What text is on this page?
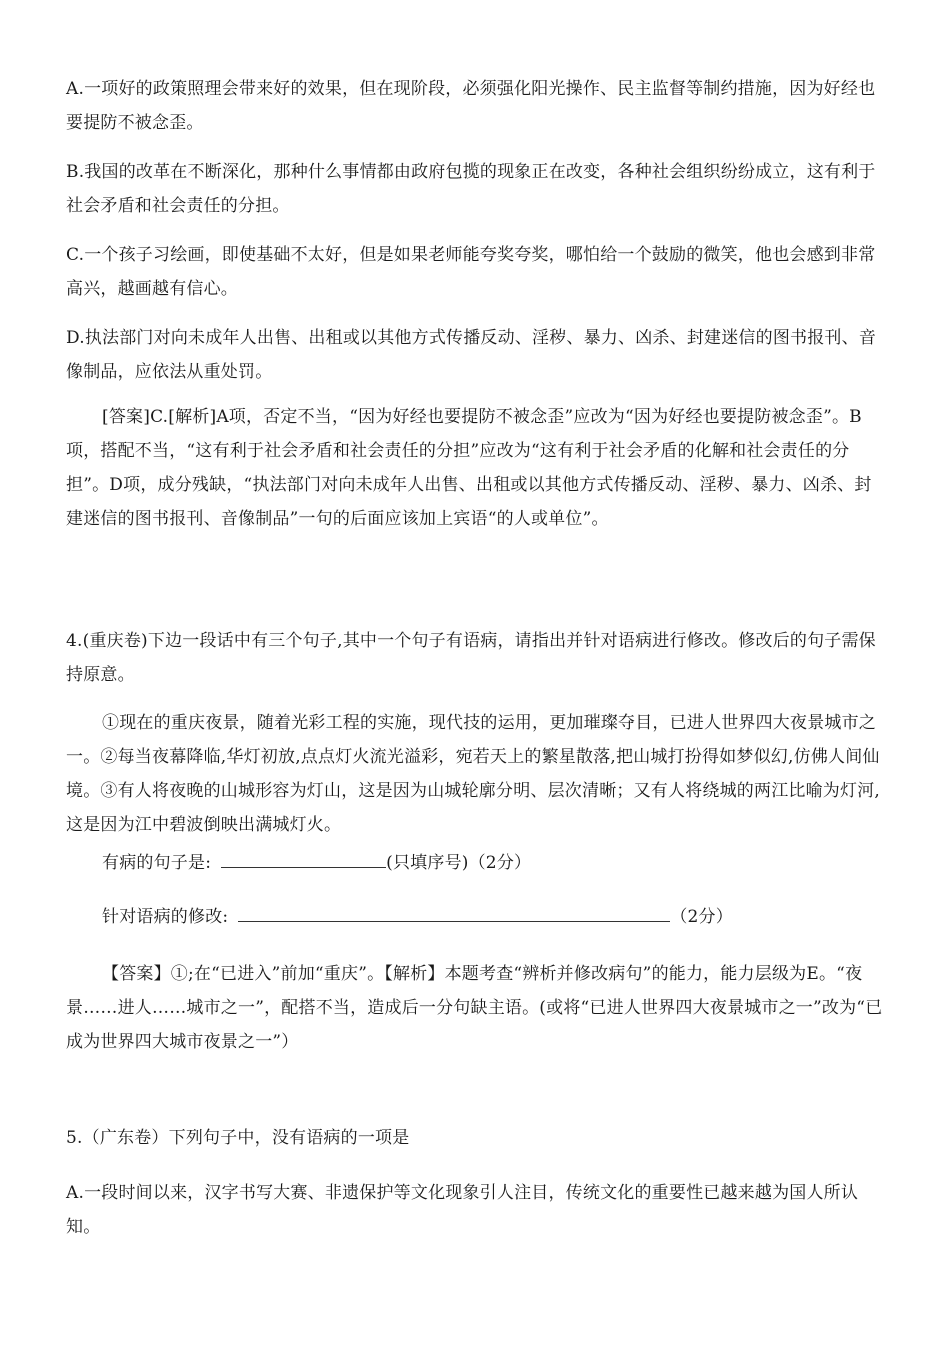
A.一项好的政策照理会带来好的效果，但在现阶段，必须强化阳光操作、民主监督等制约措施，因为好经也要提防不被念歪。

B.我国的改革在不断深化，那种什么事情都由政府包揽的现象正在改变，各种社会组织纷纷成立，这有利于社会矛盾和社会责任的分担。

C.一个孩子习绘画，即使基础不太好，但是如果老师能夸奖夸奖，哪怕给一个鼓励的微笑，他也会感到非常高兴，越画越有信心。

D.执法部门对向未成年人出售、出租或以其他方式传播反动、淫秽、暴力、凶杀、封建迷信的图书报刊、音像制品，应依法从重处罚。

[答案]C.[解析]A项，否定不当，“因为好经也要提防不被念歪”应改为“因为好经也要提防被念歪”。B项，搭配不当，“这有利于社会矛盾和社会责任的分担”应改为“这有利于社会矛盾的化解和社会责任的分担”。D项，成分残缺，“执法部门对向未成年人出售、出租或以其他方式传播反动、淫秽、暴力、凶杀、封建迷信的图书报刊、音像制品”一句的后面应该加上宾语“的人或单位”。

4.(重庆卷)下边一段话中有三个句子,其中一个句子有语病，请指出并针对语病进行修改。修改后的句子需保持原意。

①现在的重庆夜景，随着光彩工程的实施，现代技的运用，更加璀璨夺目，已进人世界四大夜景城市之一。②每当夜幕降临,华灯初放,点点灯火流光溢彩，宛若天上的繁星散落,把山城打扮得如梦似幻,仿佛人间仙境。③有人将夜晚的山城形容为灯山，这是因为山城轮廓分明、层次清晰；又有人将绕城的两江比喻为灯河,这是因为江中碧波倒映出满城灯火。

有病的句子是:	(只填序号)（2分）

针对语病的修改:	（2分）

【答案】①;在“已进入”前加“重庆”。【解析】本题考查“辨析并修改病句”的能力，能力层级为E。“夜景……进人……城市之一”，配搭不当，造成后一分句缺主语。(或将“已进人世界四大夜景城市之一”改为“已成为世界四大城市夜景之一”）

5.（广东卷）下列句子中，没有语病的一项是

A.一段时间以来，汉字书写大赛、非遗保护等文化现象引人注目，传统文化的重要性已越来越为国人所认知。
